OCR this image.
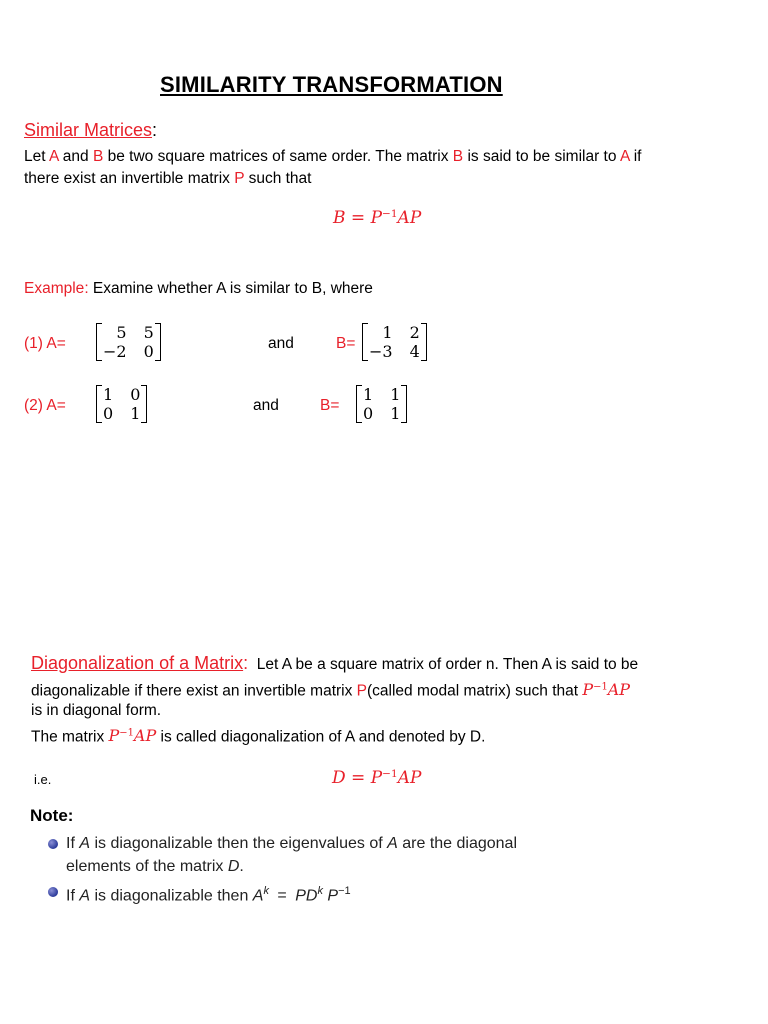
SIMILARITY TRANSFORMATION
Similar Matrices:
Let A and B be two square matrices of same order. The matrix B is said to be similar to A if
there exist an invertible matrix P such that
$B = P^{-1}AP$
Example: Examine whether A is similar to B, where
(1) A=
5	5
−2	0	and	B=
1	2
−3	4
(2) A=
1	0
0	1	and	B=
1	1
0	1
Diagonalization of a Matrix: Let A be a square matrix of order n. Then A is said to be
diagonalizable if there exist an invertible matrix P(called modal matrix) such that $P^{-1}AP$
is in diagonal form.
The matrix $P^{-1}AP$ is called diagonalization of A and denoted by D.
i.e.	$D = P^{-1}AP$
Note:
If A is diagonalizable then the eigenvalues of A are the diagonal
elements of the matrix D.
If A is diagonalizable then $A^k = PD^k$ $P^{-1}$
